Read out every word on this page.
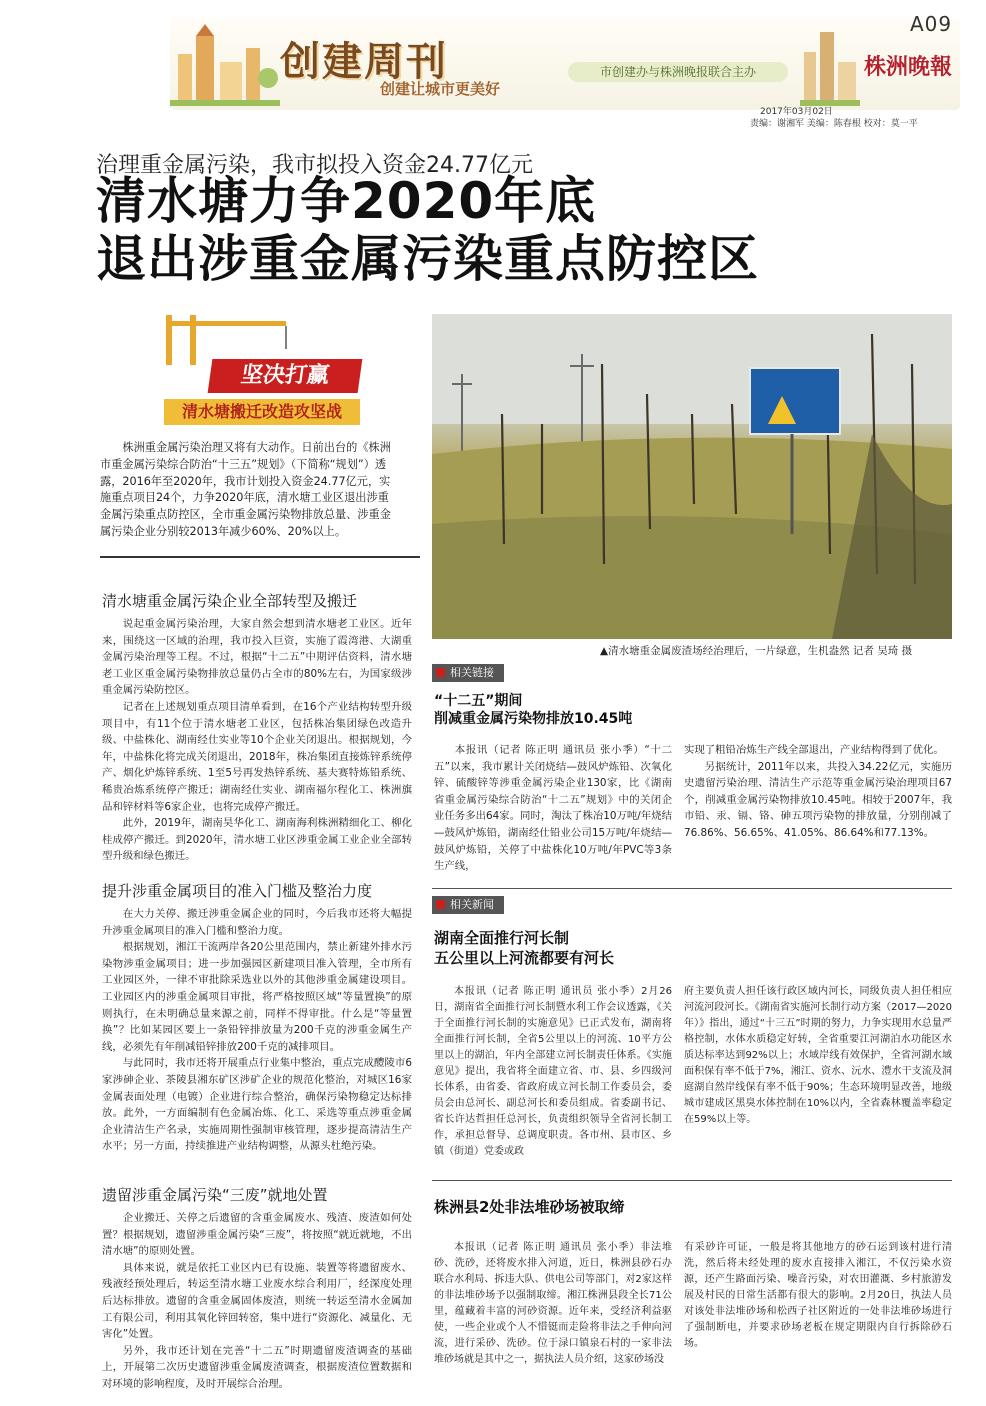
创建周刊
创建让城市更美好
市创建办与株洲晚报联合主办	株洲晚報
A09
2017年03月02日
责编：谢湘军 美编：陈春根 校对：莫一平
治理重金属污染，我市拟投入资金24.77亿元
清水塘力争2020年底
退出涉重金属污染重点防控区
坚决打赢
清水塘搬迁改造攻坚战
株洲重金属污染治理又将有大动作。日前出台的《株洲市重金属污染综合防治“十三五”规划》（下简称“规划”）透露，2016年至2020年，我市计划投入资金24.77亿元，实施重点项目24个，力争2020年底，清水塘工业区退出涉重金属污染重点防控区，全市重金属污染物排放总量、涉重金属污染企业分别较2013年减少60%、20%以上。
清水塘重金属污染企业全部转型及搬迁

说起重金属污染治理，大家自然会想到清水塘老工业区。近年来，围绕这一区域的治理，我市投入巨资，实施了霞湾港、大湖重金属污染治理等工程。不过，根据“十二五”中期评估资料，清水塘老工业区重金属污染物排放总量仍占全市的80%左右，为国家级涉重金属污染防控区。

记者在上述规划重点项目清单看到，在16个产业结构转型升级项目中，有11个位于清水塘老工业区，包括株冶集团绿色改造升级、中盐株化、湖南经仕实业等10个企业关闭退出。根据规划，今年，中盐株化将完成关闭退出，2018年，株冶集团直接炼锌系统停产、烟化炉炼锌系统、1至5号再发热锌系统、基夫赛特炼铅系统、稀贵冶炼系统停产搬迁；湖南经仕实业、湖南福尔程化工、株洲旗品和锌材料等6家企业，也将完成停产搬迁。

此外，2019年，湖南昊华化工、湖南海利株洲精细化工、柳化桂成停产搬迁。到2020年，清水塘工业区涉重金属工业企业全部转型升级和绿色搬迁。

提升涉重金属项目的准入门槛及整治力度

在大力关停、搬迁涉重金属企业的同时，今后我市还将大幅提升涉重金属项目的准入门槛和整治力度。

根据规划，湘江干流两岸各20公里范围内，禁止新建外排水污染物涉重金属项目；进一步加强园区新建项目准入管理，全市所有工业园区外，一律不审批除采选业以外的其他涉重金属建设项目。工业园区内的涉重金属项目审批，将严格按照区域“等量置换”的原则执行，在未明确总量来源之前，同样不得审批。什么是“等量置换”？比如某园区要上一条铅锌排放量为200千克的涉重金属生产线，必须先有年削减铅锌排放200千克的减排项目。

与此同时，我市还将开展重点行业集中整治，重点完成醴陵市6家涉砷企业、茶陵县湘东矿区涉矿企业的规范化整治，对城区16家金属表面处理（电镀）企业进行综合整治，确保污染物稳定达标排放。此外，一方面编制有色金属冶炼、化工、采选等重点涉重金属企业清洁生产名录，实施周期性强制审核管理，逐步提高清洁生产水平；另一方面，持续推进产业结构调整，从源头杜绝污染。

遗留涉重金属污染“三废”就地处置

企业搬迁、关停之后遗留的含重金属废水、残渣、废渣如何处置？根据规划，遗留涉重金属污染“三废”，将按照“就近就地，不出清水塘”的原则处置。

具体来说，就是依托工业区内已有设施、装置等将遗留废水、残液经预处理后，转运至清水塘工业废水综合利用厂，经深度处理后达标排放。遗留的含重金属固体废渣，则统一转运至清水金属加工有限公司，利用其氧化锌回转窑，集中进行“资源化、减量化、无害化”处置。

另外，我市还计划在完善“十二五”时期遗留废渣调查的基础上，开展第二次历史遗留涉重金属废渣调查，根据废渣位置数据和对环境的影响程度，及时开展综合治理。

▲清水塘重金属废渣场经治理后，一片绿意，生机盎然 记者 吴琦 摄
相关链接
“十二五”期间
削减重金属污染物排放10.45吨
本报讯（记者 陈正明 通讯员 张小季）“十二五”以来，我市累计关闭烧结—鼓风炉炼铅、次氧化锌、硫酸锌等涉重金属污染企业130家，比《湖南省重金属污染综合防治“十二五”规划》中的关闭企业任务多出64家。同时，淘汰了株冶10万吨/年烧结—鼓风炉炼铅，湖南经仕铅业公司15万吨/年烧结—鼓风炉炼铅，关停了中盐株化10万吨/年PVC等3条生产线，

实现了粗铅冶炼生产线全部退出，产业结构得到了优化。

另据统计，2011年以来，共投入34.22亿元，实施历史遗留污染治理、清洁生产示范等重金属污染治理项目67个，削减重金属污染物排放10.45吨。相较于2007年，我市铅、汞、镉、铬、砷五项污染物的排放量，分别削减了76.86%、56.65%、41.05%、86.64%和77.13%。

相关新闻
湖南全面推行河长制
五公里以上河流都要有河长
本报讯（记者 陈正明 通讯员 张小季）2月26日，湖南省全面推行河长制暨水利工作会议透露，《关于全面推行河长制的实施意见》已正式发布，湖南将全面推行河长制，全省5公里以上的河流、10平方公里以上的湖泊，年内全部建立河长制责任体系。《实施意见》提出，我省将全面建立省、市、县、乡四级河长体系，由省委、省政府成立河长制工作委员会，委员会由总河长、副总河长和委员组成。省委副书记、省长许达哲担任总河长，负责组织领导全省河长制工作，承担总督导、总调度职责。各市州、县市区、乡镇（街道）党委或政
府主要负责人担任该行政区域内河长，同级负责人担任相应河流河段河长。《湖南省实施河长制行动方案（2017—2020年）》指出，通过“十三五”时期的努力，力争实现用水总量严格控制，水体水质稳定好转，全省重要江河湖泊水功能区水质达标率达到92%以上；水域岸线有效保护，全省河湖水域面积保有率不低于7%，湘江、资水、沅水、澧水干支流及洞庭湖自然岸线保有率不低于90%；生态环境明显改善，地级城市建成区黑臭水体控制在10%以内，全省森林覆盖率稳定在59%以上等。
株洲县2处非法堆砂场被取缔
本报讯（记者 陈正明 通讯员 张小季）非法堆砂、洗砂，还将废水排入河道，近日，株洲县砂石办联合水利局、拆违大队、供电公司等部门，对2家这样的非法堆砂场予以强制取缔。湘江株洲县段全长71公里，蕴藏着丰富的河砂资源。近年来，受经济利益驱使，一些企业或个人不惜铤而走险将非法之手伸向河流，进行采砂、洗砂。位于渌口镇泉石村的一家非法堆砂场就是其中之一，据执法人员介绍，这家砂场没
有采砂许可证，一般是将其他地方的砂石运到该村进行清洗，然后将未经处理的废水直接排入湘江，不仅污染水资源，还产生路面污染、噪音污染，对农田灌溉、乡村旅游发展及村民的日常生活都有很大的影响。2月20日，执法人员对该处非法堆砂场和松西子社区附近的一处非法堆砂场进行了强制断电，并要求砂场老板在规定期限内自行拆除砂石场。
